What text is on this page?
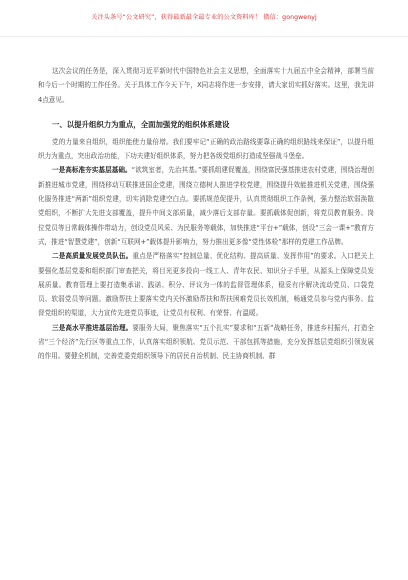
关注头条号“公文研究”，获得最新最全最专业的公文资料库！ 微信：gongwenyj

这次会议的任务是，深入贯彻习近平新时代中国特色社会主义思想，全面落实十九届五中全会精神，部署当前和今后一个时期的工作任务。关于具体工作今天下午，X同志将作进一步安排，请大家切实抓好落实。这里，我先讲4点意见。

一、以提升组织力为重点，全面加强党的组织体系建设

党的力量来自组织，组织能使力量倍增。我们要牢记“正确的政治路线要靠正确的组织路线来保证”，以提升组织力为重点，突出政治功能，下功夫建好组织体系，努力把各级党组织打造成坚强战斗堡垒。

一是高标准夯实基层基础。“欲筑室者，先治其基。”要抓组建促覆盖，围绕富民强基推进农村党建，围绕治理创新推进城市党建，围绕移动互联推进国企党建，围绕立德树人推进学校党建，围绕提升效能推进机关党建，围绕强化服务推进“两新”组织党建，切实消除党建空白点。要抓规范促提升，认真贯彻组织工作条例，强力整治软弱涣散党组织，不断扩大先进支部覆盖，提升中间支部质量，减少落后支部存量。要抓载体促创新，将党员教育服务、岗位党员等日常载体操作带动力，创设党员风采、为民服务等载体，加快推进“平台+”载体，创设“三会一课+”教育方式，推进“智慧党建”，创新“互联网+”载体提升影响力，努力推出更多像“党性体检”那样的党建工作品牌。

二是高质量发展党员队伍。重点是严格落实“控制总量、优化结构、提高质量、发挥作用”的要求。入口把关上要强化基层党委和组织部门审查把关，将目光更多投向一线工人、青年农民、知识分子手里，从源头上保障党员发展质量。教育管理上要打造集承诺、践诺、积分、评议为一体的监督管理体系，稳妥有序解决流动党员、口袋党员、软弱党员等问题。激励帮扶上要落实党内关怀激励帮扶和帮扶困难党员长效机制，畅通党员参与党内事务、监督党组织的渠道，大力宣传先进党员事迹，让党员有权利、有荣誉、有温暖。

三是高水平推进基层治理。要服务大局，聚焦落实“五个扎实”要求和“五新”战略任务，推进乡村振兴，打造全省“三个经济”先行区等重点工作，认真落实组织领航、党员示范、干部包抓等措施，充分发挥基层党组织引领发展的作用。要健全机制，完善党委党组织领导下的居民自治机制、民主协商机制、群
